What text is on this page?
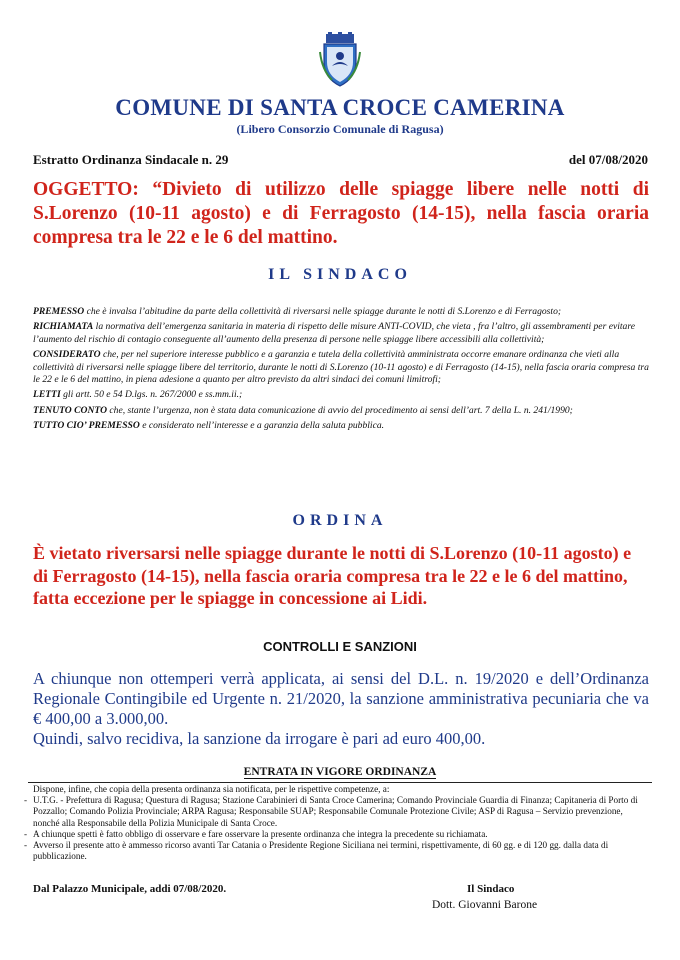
COMUNE DI SANTA CROCE CAMERINA
(Libero Consorzio Comunale di Ragusa)
Estratto Ordinanza Sindacale n. 29	del 07/08/2020
OGGETTO: “Divieto di utilizzo delle spiagge libere nelle notti di
S.Lorenzo (10-11 agosto) e di Ferragosto (14-15), nella fascia oraria
compresa tra le 22 e le 6 del mattino.
IL SINDACO

PREMESSO che è invalsa l’abitudine da parte della collettività di riversarsi nelle spiagge durante le notti di S.Lorenzo e di Ferragosto;

RICHIAMATA la normativa dell’emergenza sanitaria in materia di rispetto delle misure ANTI-COVID, che vieta , fra l’altro, gli assembramenti per evitare l’aumento del rischio di contagio conseguente all’aumento della presenza di persone nelle spiagge libere accessibili alla collettività;

CONSIDERATO che, per nel superiore interesse pubblico e a garanzia e tutela della collettività amministrata occorre emanare ordinanza che vieti alla collettività di riversarsi nelle spiagge libere del territorio, durante le notti di S.Lorenzo (10-11 agosto) e di Ferragosto (14-15), nella fascia oraria compresa tra le 22 e le 6 del mattino, in piena adesione a quanto per altro previsto da altri sindaci dei comuni limitrofi;

LETTI gli artt. 50 e 54 D.lgs. n. 267/2000 e ss.mm.ii.;

TENUTO CONTO che, stante l’urgenza, non è stata data comunicazione di avvio del procedimento ai sensi dell’art. 7 della L. n. 241/1990;

TUTTO CIO’ PREMESSO e considerato nell’interesse e a garanzia della saluta pubblica.

ORDINA
È vietato riversarsi nelle spiagge durante le notti di S.Lorenzo (10-11 agosto) e di Ferragosto (14-15), nella fascia oraria compresa tra le 22 e le 6 del mattino, fatta eccezione per le spiagge in concessione ai Lidi.
CONTROLLI E SANZIONI

A chiunque non ottemperi verrà applicata, ai sensi del D.L. n. 19/2020 e dell’Ordinanza Regionale Contingibile ed Urgente n. 21/2020, la sanzione amministrativa pecuniaria che va € 400,00 a 3.000,00.

Quindi, salvo recidiva, la sanzione da irrogare è pari ad euro 400,00.

ENTRATA IN VIGORE ORDINANZA

Dispone, infine, che copia della presenta ordinanza sia notificata, per le rispettive competenze, a:

- U.T.G. - Prefettura di Ragusa; Questura di Ragusa; Stazione Carabinieri di Santa Croce Camerina; Comando Provinciale Guardia di Finanza; Capitaneria di Porto di Pozzallo; Comando Polizia Provinciale; ARPA Ragusa; Responsabile SUAP; Responsabile Comunale Protezione Civile; ASP di Ragusa – Servizio prevenzione, nonché alla Responsabile della Polizia Municipale di Santa Croce.
- A chiunque spetti è fatto obbligo di osservare e fare osservare la presente ordinanza che integra la precedente su richiamata.
- Avverso il presente atto è ammesso ricorso avanti Tar Catania o Presidente Regione Siciliana nei termini, rispettivamente, di 60 gg. e di 120 gg. dalla data di pubblicazione.
Dal Palazzo Municipale, addi 07/08/2020.	Il Sindaco
Dott. Giovanni Barone
